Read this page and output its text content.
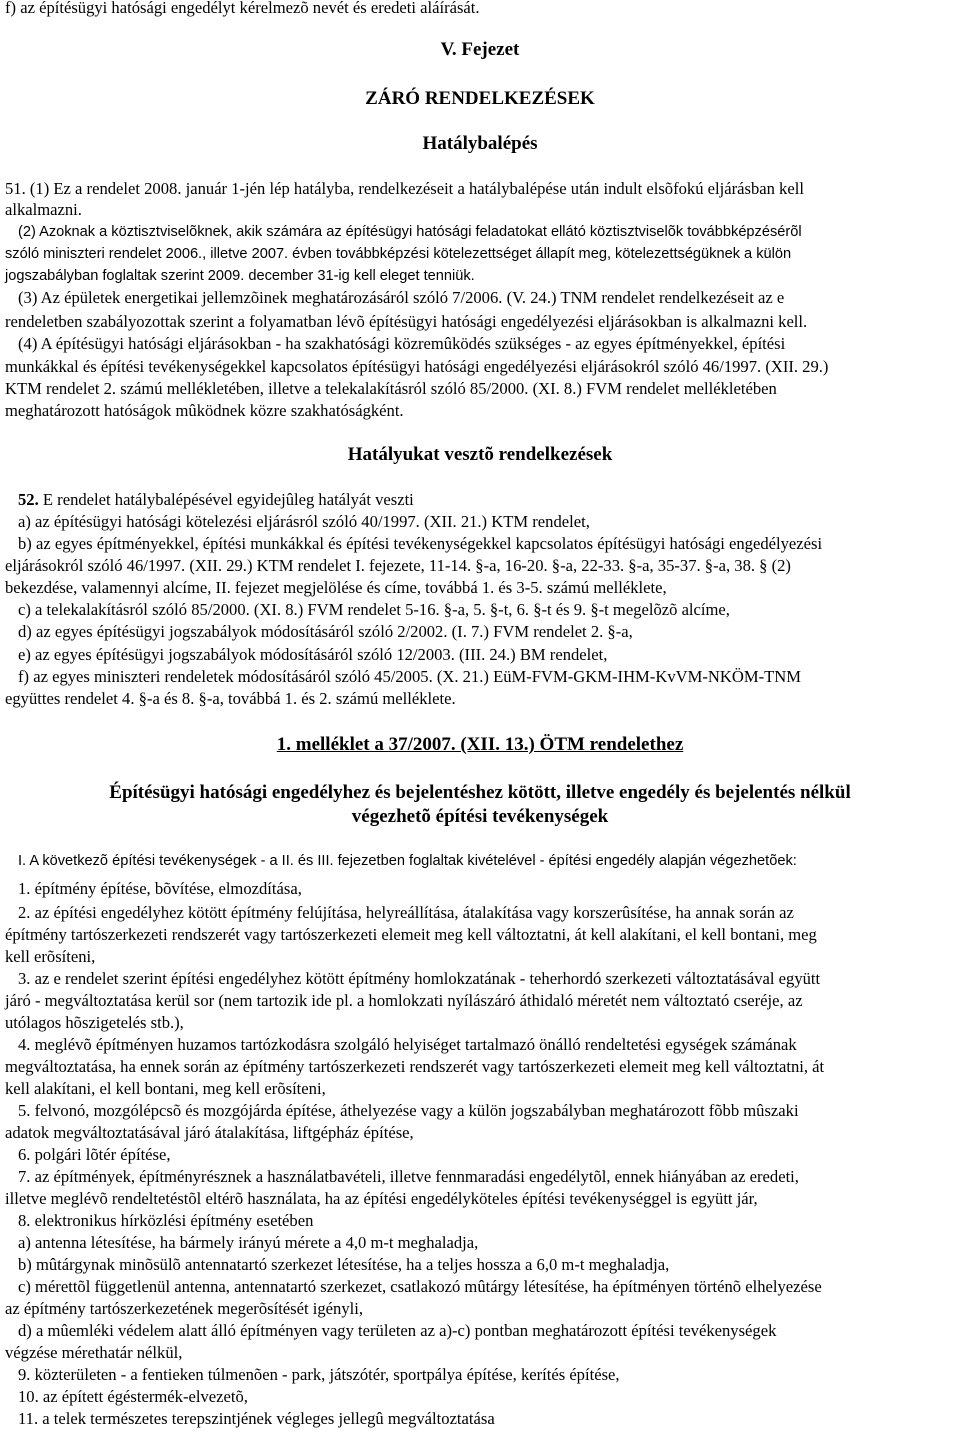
f) az építésügyi hatósági engedélyt kérelmezõ nevét és eredeti aláírását.

V. Fejezet

ZÁRÓ RENDELKEZÉSEK

Hatálybalépés

51. (1) Ez a rendelet 2008. január 1-jén lép hatályba, rendelkezéseit a hatálybalépése után indult elsõfokú eljárásban kell

alkalmazni.

(2) Azoknak a köztisztviselõknek, akik számára az építésügyi hatósági feladatokat ellátó köztisztviselõk továbbképzésérõl

szóló miniszteri rendelet 2006., illetve 2007. évben továbbképzési kötelezettséget állapít meg, kötelezettségüknek a külön

jogszabályban foglaltak szerint 2009. december 31-ig kell eleget tenniük.

(3) Az épületek energetikai jellemzõinek meghatározásáról szóló 7/2006. (V. 24.) TNM rendelet rendelkezéseit az e

rendeletben szabályozottak szerint a folyamatban lévõ építésügyi hatósági engedélyezési eljárásokban is alkalmazni kell.

(4) A építésügyi hatósági eljárásokban - ha szakhatósági közremûködés szükséges - az egyes építményekkel, építési

munkákkal és építési tevékenységekkel kapcsolatos építésügyi hatósági engedélyezési eljárásokról szóló 46/1997. (XII. 29.)

KTM rendelet 2. számú mellékletében, illetve a telekalakításról szóló 85/2000. (XI. 8.) FVM rendelet mellékletében

meghatározott hatóságok mûködnek közre szakhatóságként.

Hatályukat vesztõ rendelkezések

52. E rendelet hatálybalépésével egyidejûleg hatályát veszti

a) az építésügyi hatósági kötelezési eljárásról szóló 40/1997. (XII. 21.) KTM rendelet,

b) az egyes építményekkel, építési munkákkal és építési tevékenységekkel kapcsolatos építésügyi hatósági engedélyezési

eljárásokról szóló 46/1997. (XII. 29.) KTM rendelet I. fejezete, 11-14. §-a, 16-20. §-a, 22-33. §-a, 35-37. §-a, 38. § (2)

bekezdése, valamennyi alcíme, II. fejezet megjelölése és címe, továbbá 1. és 3-5. számú melléklete,

c) a telekalakításról szóló 85/2000. (XI. 8.) FVM rendelet 5-16. §-a, 5. §-t, 6. §-t és 9. §-t megelõzõ alcíme,

d) az egyes építésügyi jogszabályok módosításáról szóló 2/2002. (I. 7.) FVM rendelet 2. §-a,

e) az egyes építésügyi jogszabályok módosításáról szóló 12/2003. (III. 24.) BM rendelet,

f) az egyes miniszteri rendeletek módosításáról szóló 45/2005. (X. 21.) EüM-FVM-GKM-IHM-KvVM-NKÖM-TNM

együttes rendelet 4. §-a és 8. §-a, továbbá 1. és 2. számú melléklete.

1. melléklet a 37/2007. (XII. 13.) ÖTM rendelethez

Építésügyi hatósági engedélyhez és bejelentéshez kötött, illetve engedély és bejelentés nélkül

végezhetõ építési tevékenységek

I. A következõ építési tevékenységek - a II. és III. fejezetben foglaltak kivételével - építési engedély alapján végezhetõek:

1. építmény építése, bõvítése, elmozdítása,

2. az építési engedélyhez kötött építmény felújítása, helyreállítása, átalakítása vagy korszerûsítése, ha annak során az

építmény tartószerkezeti rendszerét vagy tartószerkezeti elemeit meg kell változtatni, át kell alakítani, el kell bontani, meg

kell erõsíteni,

3. az e rendelet szerint építési engedélyhez kötött építmény homlokzatának - teherhordó szerkezeti változtatásával együtt

járó - megváltoztatása kerül sor (nem tartozik ide pl. a homlokzati nyílászáró áthidaló méretét nem változtató cseréje, az

utólagos hõszigetelés stb.),

4. meglévõ építményen huzamos tartózkodásra szolgáló helyiséget tartalmazó önálló rendeltetési egységek számának

megváltoztatása, ha ennek során az építmény tartószerkezeti rendszerét vagy tartószerkezeti elemeit meg kell változtatni, át

kell alakítani, el kell bontani, meg kell erõsíteni,

5. felvonó, mozgólépcsõ és mozgójárda építése, áthelyezése vagy a külön jogszabályban meghatározott fõbb mûszaki

adatok megváltoztatásával járó átalakítása, liftgépház építése,

6. polgári lõtér építése,

7. az építmények, építményrésznek a használatbavételi, illetve fennmaradási engedélytõl, ennek hiányában az eredeti,

illetve meglévõ rendeltetéstõl eltérõ használata, ha az építési engedélyköteles építési tevékenységgel is együtt jár,

8. elektronikus hírközlési építmény esetében

a) antenna létesítése, ha bármely irányú mérete a 4,0 m-t meghaladja,

b) mûtárgynak minõsülõ antennatartó szerkezet létesítése, ha a teljes hossza a 6,0 m-t meghaladja,

c) mérettõl függetlenül antenna, antennatartó szerkezet, csatlakozó mûtárgy létesítése, ha építményen történõ elhelyezése

az építmény tartószerkezetének megerõsítését igényli,

d) a mûemléki védelem alatt álló építményen vagy területen az a)-c) pontban meghatározott építési tevékenységek

végzése mérethatár nélkül,

9. közterületen - a fentieken túlmenõen - park, játszótér, sportpálya építése, kerítés építése,

10. az épített égéstermék-elvezetõ,

11. a telek természetes terepszintjének végleges jellegû megváltoztatása
